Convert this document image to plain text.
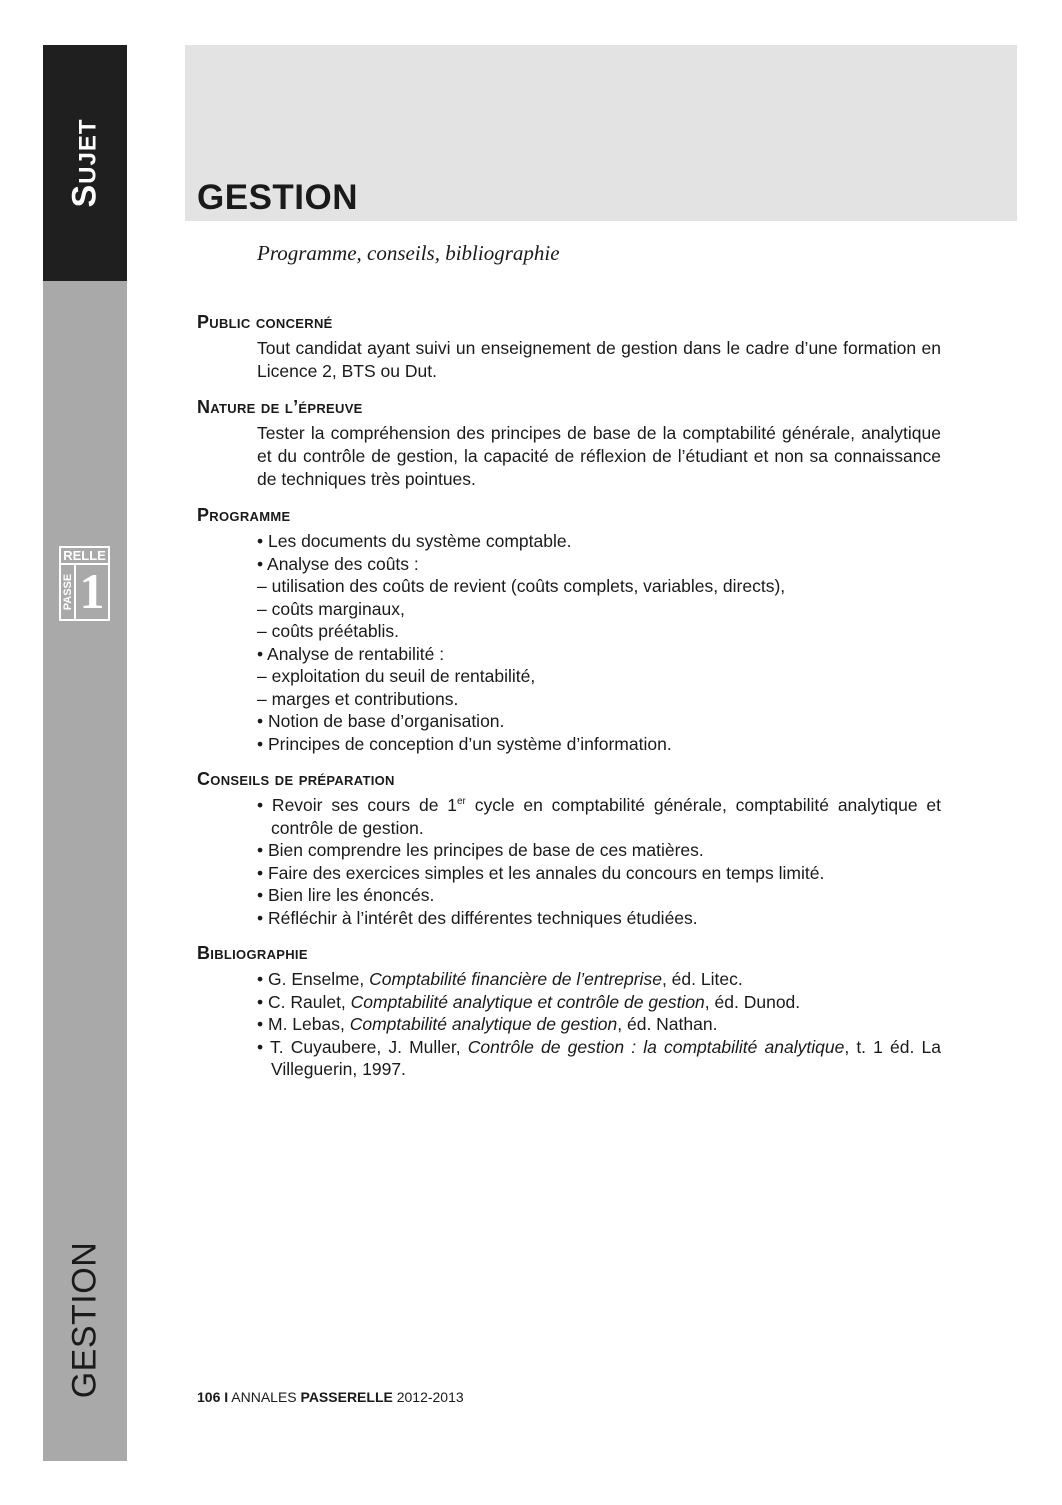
Sujet
RELLE
PASSE 1
GESTION
GESTION

Programme, conseils, bibliographie

Public concerné

Tout candidat ayant suivi un enseignement de gestion dans le cadre d’une formation en Licence 2, BTS ou Dut.

Nature de l’épreuve

Tester la compréhension des principes de base de la comptabilité générale, analytique et du contrôle de gestion, la capacité de réflexion de l’étudiant et non sa connaissance de techniques très pointues.

Programme
• Les documents du système comptable.
• Analyse des coûts :
– utilisation des coûts de revient (coûts complets, variables, directs),
– coûts marginaux,
– coûts préétablis.
• Analyse de rentabilité :
– exploitation du seuil de rentabilité,
– marges et contributions.
• Notion de base d’organisation.
• Principes de conception d’un système d’information.
Conseils de préparation
• Revoir ses cours de 1er cycle en comptabilité générale, comptabilité analytique et contrôle de gestion.
• Bien comprendre les principes de base de ces matières.
• Faire des exercices simples et les annales du concours en temps limité.
• Bien lire les énoncés.
• Réfléchir à l’intérêt des différentes techniques étudiées.
Bibliographie
• G. Enselme, Comptabilité financière de l’entreprise, éd. Litec.
• C. Raulet, Comptabilité analytique et contrôle de gestion, éd. Dunod.
• M. Lebas, Comptabilité analytique de gestion, éd. Nathan.
• T. Cuyaubere, J. Muller, Contrôle de gestion : la comptabilité analytique, t. 1 éd. La Villeguerin, 1997.
106 I ANNALES PASSERELLE 2012-2013
